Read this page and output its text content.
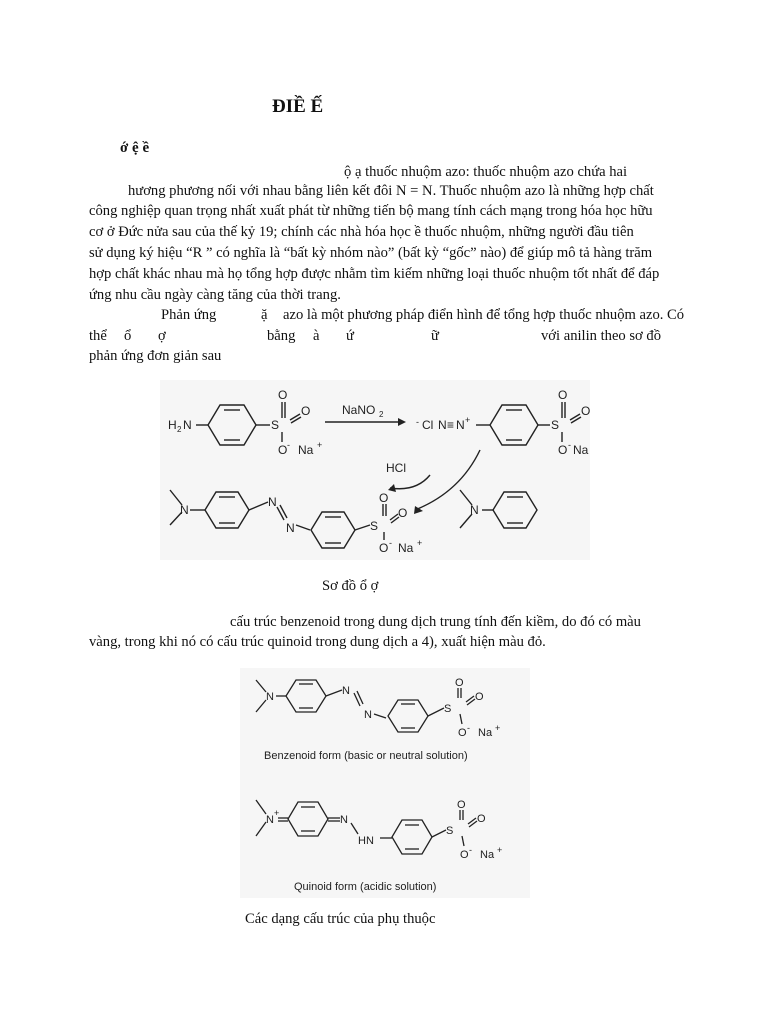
ĐIỀ Ế
ớ ệ ề
ộ ạ thuốc nhuộm azo: thuốc nhuộm azo chứa hai
hương phương nối với nhau bằng liên kết đôi N = N. Thuốc nhuộm azo là những hợp chất
công nghiệp quan trọng nhất xuất phát từ những tiến bộ mang tính cách mạng trong hóa học hữu
cơ ở Đức nửa sau của thế kỷ 19; chính các nhà hóa học ề thuốc nhuộm, những người đầu tiên
sử dụng ký hiệu “R ” có nghĩa là “bất kỳ nhóm nào” (bất kỳ “gốc” nào) để giúp mô tả hàng trăm
hợp chất khác nhau mà họ tổng hợp được nhằm tìm kiếm những loại thuốc nhuộm tốt nhất để đáp
ứng nhu cầu ngày càng tăng của thời trang.
Phản ứng	ặ azo là một phương pháp điển hình để tổng hợp thuốc nhuộm azo. Có
thể ổ ợ	bằng à ứ	ữ	với anilin theo sơ đồ
phản ứng đơn giản sau
H 2 N	S
O
O
O - Na +
NaNO 2
- Cl N ≡ N +	S
O
O
O - Na
HCl
N
N
N	S
O
O
O - Na +
N
Sơ đồ ổ ợ
cấu trúc benzenoid trong dung dịch trung tính đến kiềm, do đó có màu
vàng, trong khi nó có cấu trúc quinoid trong dung dịch a 4), xuất hiện màu đỏ.
N	N
N	S
O
O
O - Na +
Benzenoid form (basic or neutral solution)
N
+
N
HN
S
O
O
O - Na +
Quinoid form (acidic solution)
Các dạng cấu trúc của phụ thuộc
